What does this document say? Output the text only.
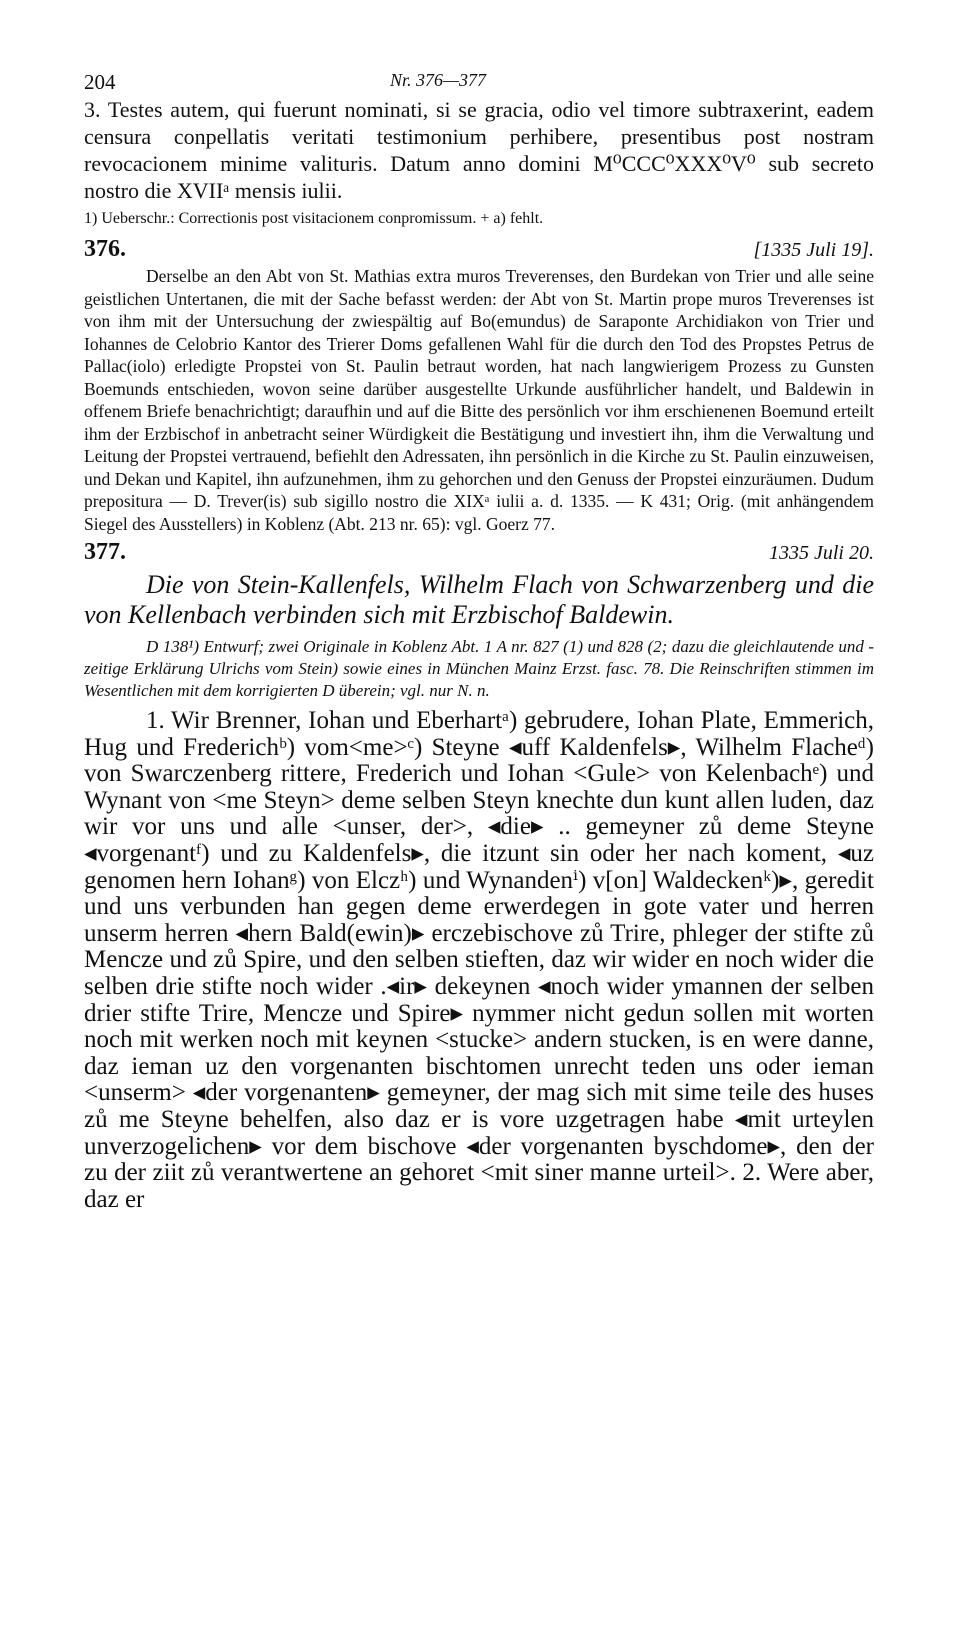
204	Nr. 376—377

3. Testes autem, qui fuerunt nominati, si se gracia, odio vel timore subtraxerint, eadem censura conpellatis veritati testimonium perhibere, presentibus post nostram revocacionem minime valituris. Datum anno domini M⁰CCC⁰XXX⁰V⁰ sub secreto nostro die XVIIᵃ mensis iulii.

1) Ueberschr.: Correctionis post visitacionem conpromissum. + a) fehlt.

376.	[1335 Juli 19].

Derselbe an den Abt von St. Mathias extra muros Treverenses, den Burdekan von Trier und alle seine geistlichen Untertanen, die mit der Sache befasst werden: der Abt von St. Martin prope muros Treverenses ist von ihm mit der Untersuchung der zwiespältig auf Bo(emundus) de Saraponte Archidiakon von Trier und Iohannes de Celobrio Kantor des Trierer Doms gefallenen Wahl für die durch den Tod des Propstes Petrus de Pallac(iolo) erledigte Propstei von St. Paulin betraut worden, hat nach langwierigem Prozess zu Gunsten Boemunds entschieden, wovon seine darüber ausgestellte Urkunde ausführlicher handelt, und Baldewin in offenem Briefe benachrichtigt; daraufhin und auf die Bitte des persönlich vor ihm erschienenen Boemund erteilt ihm der Erzbischof in anbetracht seiner Würdigkeit die Bestätigung und investiert ihn, ihm die Verwaltung und Leitung der Propstei vertrauend, befiehlt den Adressaten, ihn persönlich in die Kirche zu St. Paulin einzuweisen, und Dekan und Kapitel, ihn aufzunehmen, ihm zu gehorchen und den Genuss der Propstei einzuräumen. Dudum prepositura — D. Trever(is) sub sigillo nostro die XIXᵃ iulii a. d. 1335. — K 431; Orig. (mit anhängendem Siegel des Ausstellers) in Koblenz (Abt. 213 nr. 65): vgl. Goerz 77.

377.	1335 Juli 20.

Die von Stein-Kallenfels, Wilhelm Flach von Schwarzenberg und die von Kellenbach verbinden sich mit Erzbischof Baldewin.

D 138¹) Entwurf; zwei Originale in Koblenz Abt. 1 A nr. 827 (1) und 828 (2; dazu die gleichlautende und -zeitige Erklärung Ulrichs vom Stein) sowie eines in München Mainz Erzst. fasc. 78. Die Reinschriften stimmen im Wesentlichen mit dem korrigierten D überein; vgl. nur N. n.

1. Wir Brenner, Iohan und Eberhartᵃ) gebrudere, Iohan Plate, Emmerich, Hug und Frederichᵇ) vom<me>ᶜ) Steyne ◂uff Kaldenfels▸, Wilhelm Flacheᵈ) von Swarczenberg rittere, Frederich und Iohan <Gule> von Kelenbachᵉ) und Wynant von <me Steyn> deme selben Steyn knechte dun kunt allen luden, daz wir vor uns und alle <unser, der>, ◂die▸ .. gemeyner zů deme Steyne ◂vorgenantᶠ) und zu Kaldenfels▸, die itzunt sin oder her nach koment, ◂uz genomen hern Iohanᵍ) von Elczʰ) und Wynandenⁱ) v[on] Waldeckenᵏ)▸, geredit und uns verbunden han gegen deme erwerdegen in gote vater und herren unserm herren ◂hern Bald(ewin)▸ erczebischove zů Trire, phleger der stifte zů Mencze und zů Spire, und den selben stieften, daz wir wider en noch wider die selben drie stifte noch wider .◂ir▸ dekeynen ◂noch wider ymannen der selben drier stifte Trire, Mencze und Spire▸ nymmer nicht gedun sollen mit worten noch mit werken noch mit keynen <stucke> andern stucken, is en were danne, daz ieman uz den vorgenanten bischtomen unrecht teden uns oder ieman <unserm> ◂der vorgenanten▸ gemeyner, der mag sich mit sime teile des huses zů me Steyne behelfen, also daz er is vore uzgetragen habe ◂mit urteylen unverzogelichen▸ vor dem bischove ◂der vorgenanten byschdome▸, den der zu der ziit zů verantwertene an gehoret <mit siner manne urteil>. 2. Were aber, daz er
